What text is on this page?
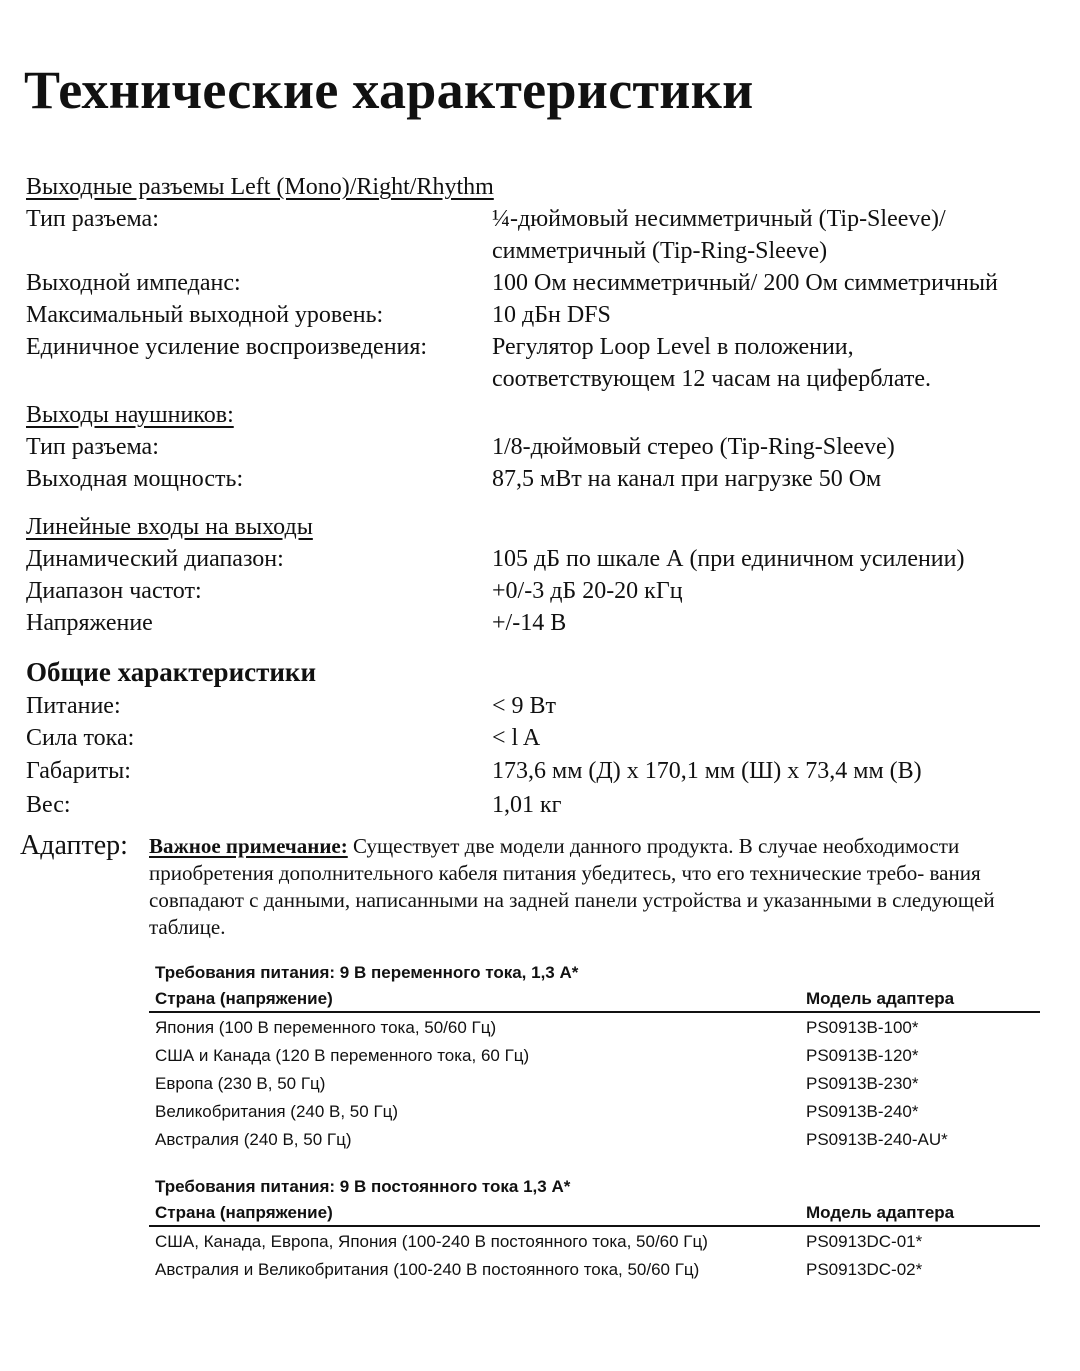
Технические характеристики
Выходные разъемы Left (Mono)/Right/Rhythm
Тип разъема:	¼-дюймовый несимметричный (Tip-Sleeve)/
симметричный (Tip-Ring-Sleeve)
Выходной импеданс:	100 Ом несимметричный/ 200 Ом симметричный
Максимальный выходной уровень:	10 дБн DFS
Единичное усиление воспроизведения:	Регулятор Loop Level в положении,
соответствующем 12 часам на циферблате.
Выходы наушников:
Тип разъема:	1/8-дюймовый стерео (Tip-Ring-Sleeve)
Выходная мощность:	87,5 мВт на канал при нагрузке 50 Ом
Линейные входы на выходы
Динамический диапазон:	105 дБ по шкале А (при единичном усилении)
Диапазон частот:	+0/-3 дБ 20-20 кГц
Напряжение	+/-14 В
Общие характеристики
Питание:	< 9 Вт
Сила тока:	< l A
Габариты:	173,6 мм (Д) x 170,1 мм (Ш) x 73,4 мм (В)
Вес:	1,01 кг
Адаптер: Важное примечание: Существует две модели данного продукта. В случае необходимости приобретения дополнительного кабеля питания убедитесь, что его технические требо- вания совпадают с данными, написанными на задней панели устройства и указанными в следующей таблице.
Требования питания: 9 В переменного тока, 1,3 А*
Страна (напряжение)	Модель адаптера
Япония (100 В переменного тока, 50/60 Гц)	PS0913B-100*
США и Канада (120 В переменного тока, 60 Гц)	PS0913B-120*
Европа (230 В, 50 Гц)	PS0913B-230*
Великобритания (240 В, 50 Гц)	PS0913B-240*
Австралия (240 В, 50 Гц)	PS0913B-240-AU*
Требования питания: 9 В постоянного тока 1,3 А*
Страна (напряжение)	Модель адаптера
США, Канада, Европа, Япония (100-240 В постоянного тока, 50/60 Гц)	PS0913DC-01*
Австралия и Великобритания (100-240 В постоянного тока, 50/60 Гц)	PS0913DC-02*
